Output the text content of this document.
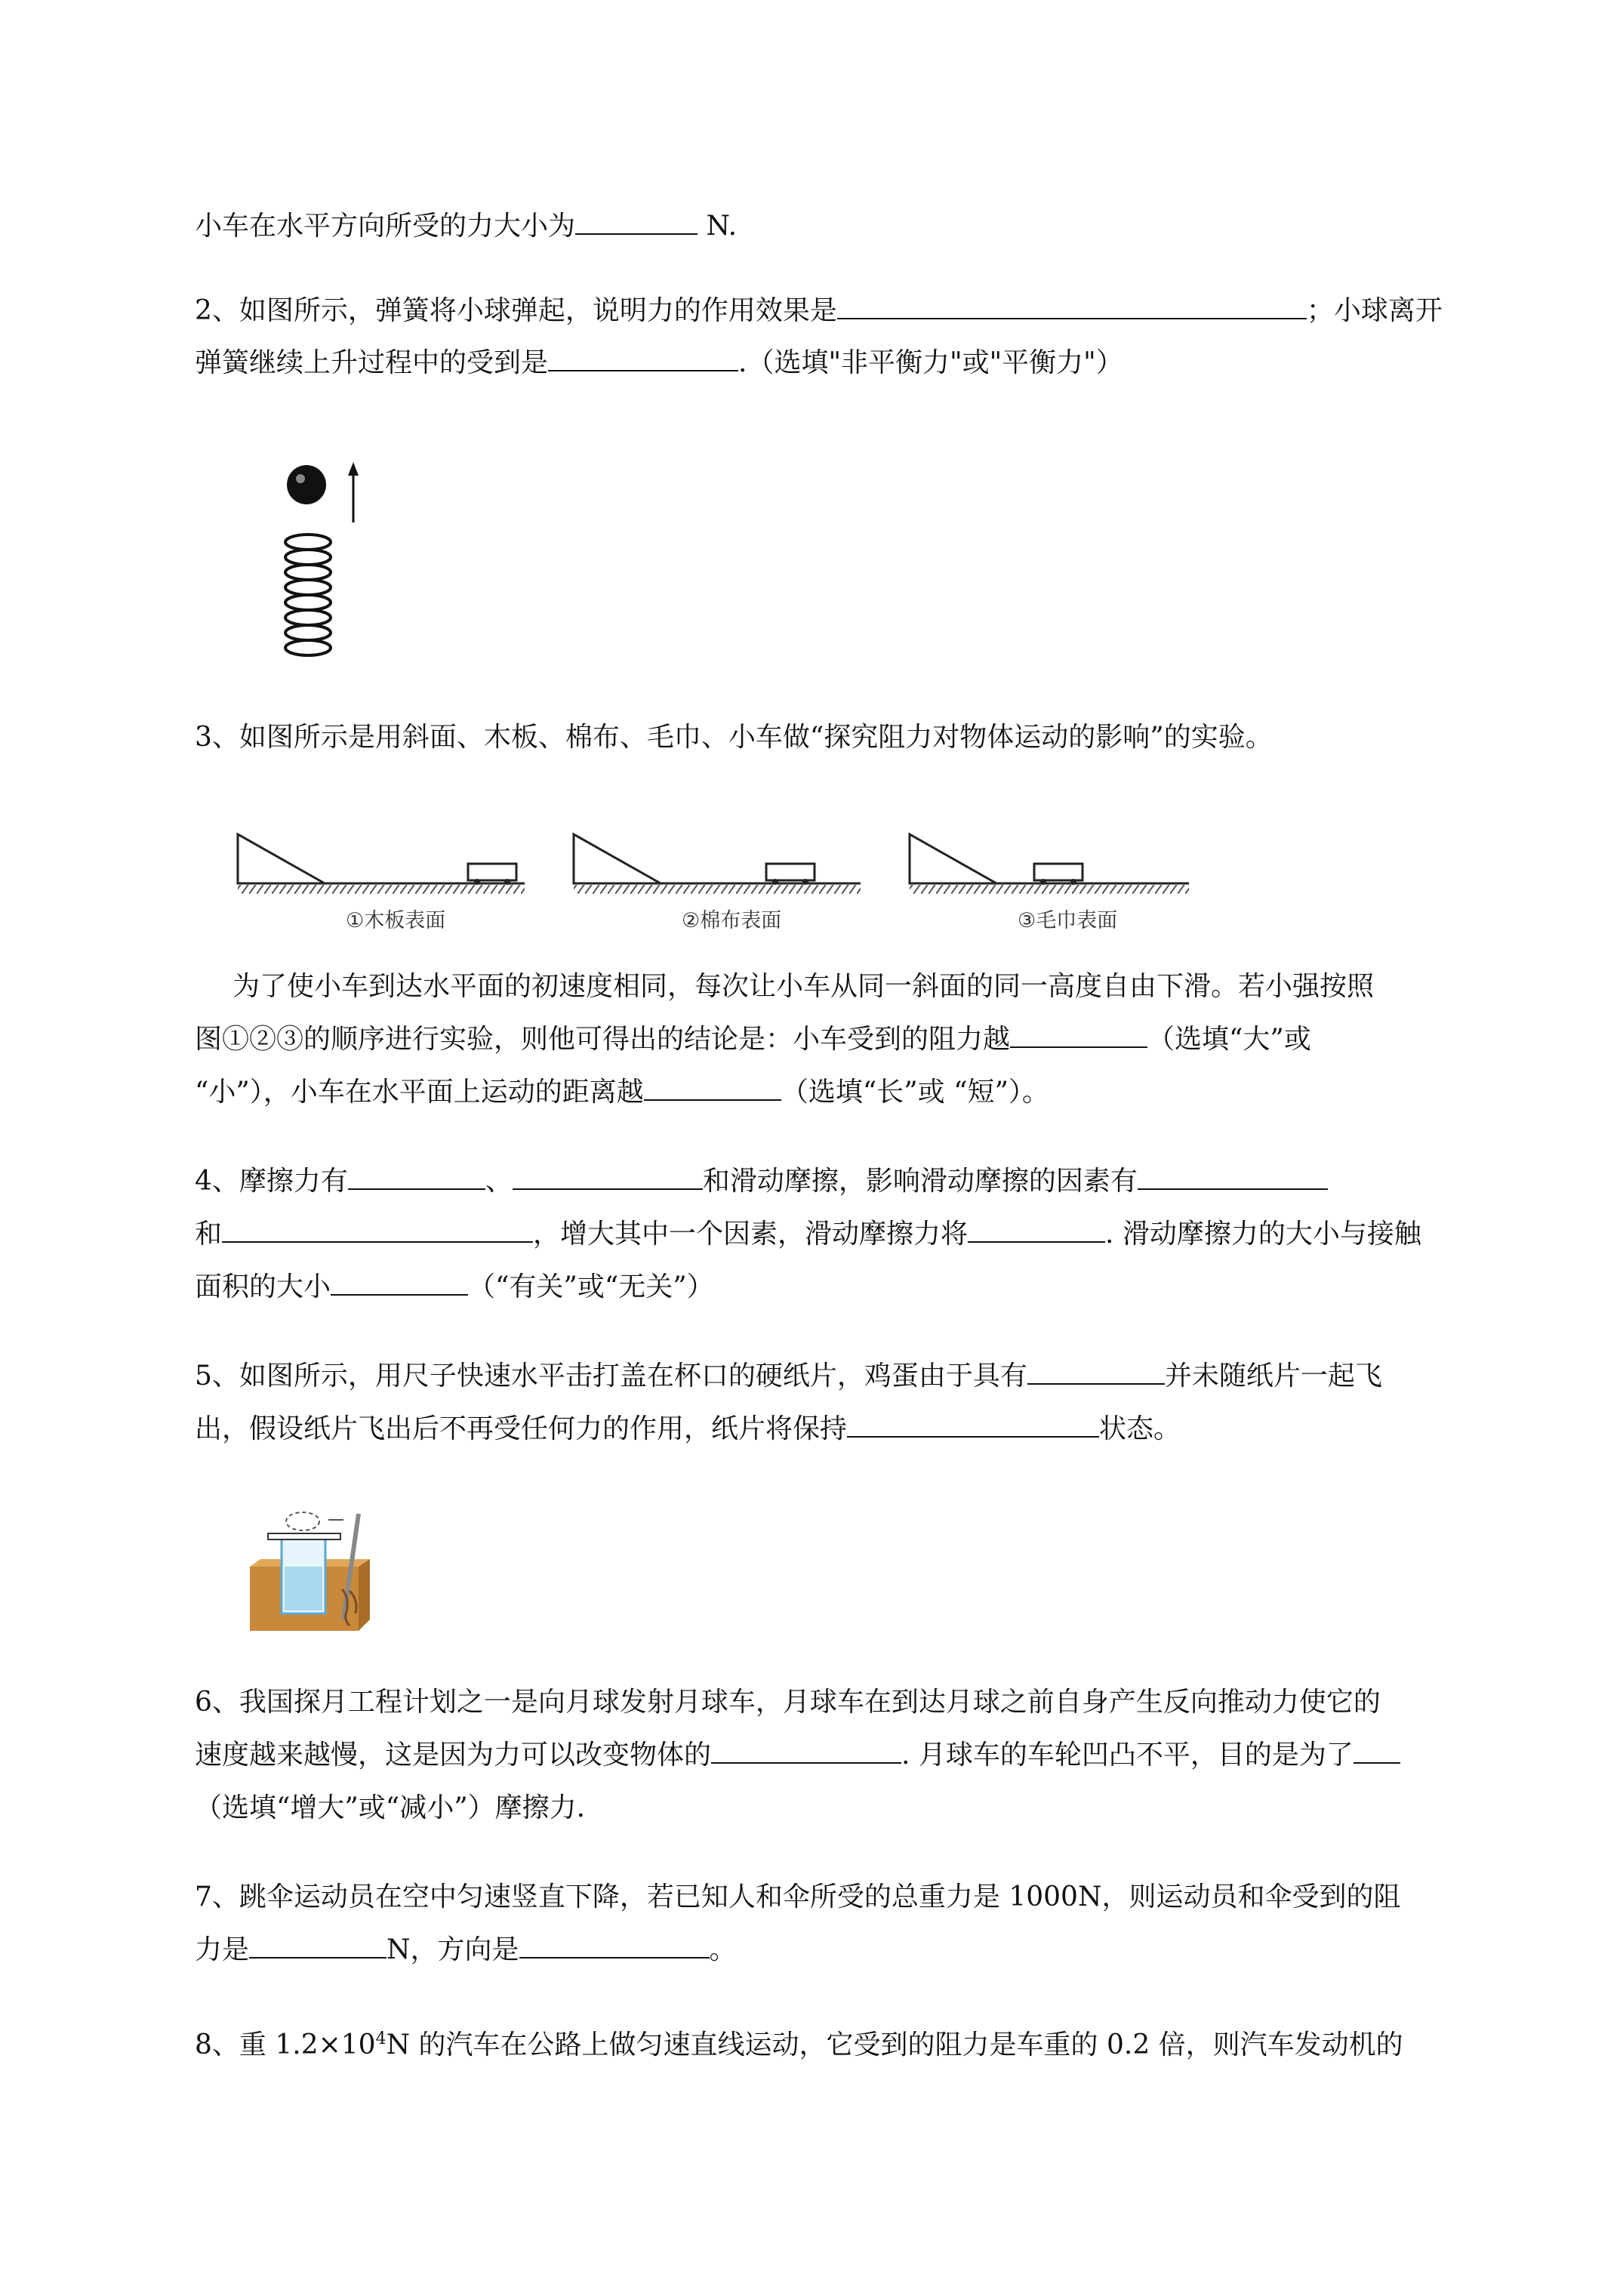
小车在水平方向所受的力大小为	N.
2、如图所示，弹簧将小球弹起，说明力的作用效果是	；小球离开
弹簧继续上升过程中的受到是	.（选填"非平衡力"或"平衡力"）
3、如图所示是用斜面、木板、棉布、毛巾、小车做“探究阻力对物体运动的影响”的实验。
①木板表面	②棉布表面	③毛巾表面
为了使小车到达水平面的初速度相同，每次让小车从同一斜面的同一高度自由下滑。若小强按照
图①②③的顺序进行实验，则他可得出的结论是：小车受到的阻力越	（选填“大”或
“小”），小车在水平面上运动的距离越	（选填“长”或 “短”）。
4、摩擦力有	、	和滑动摩擦，影响滑动摩擦的因素有
和	，增大其中一个因素，滑动摩擦力将	. 滑动摩擦力的大小与接触
面积的大小	（“有关”或“无关”）
5、如图所示，用尺子快速水平击打盖在杯口的硬纸片，鸡蛋由于具有	并未随纸片一起飞
出，假设纸片飞出后不再受任何力的作用，纸片将保持	状态。
6、我国探月工程计划之一是向月球发射月球车，月球车在到达月球之前自身产生反向推动力使它的
速度越来越慢，这是因为力可以改变物体的	. 月球车的车轮凹凸不平，目的是为了
（选填“增大”或“减小”）摩擦力.
7、跳伞运动员在空中匀速竖直下降，若已知人和伞所受的总重力是 1000N，则运动员和伞受到的阻
力是	N，方向是	。
8、重 $1.2\times 10^4N$ 的汽车在公路上做匀速直线运动，它受到的阻力是车重的 0.2 倍，则汽车发动机的
